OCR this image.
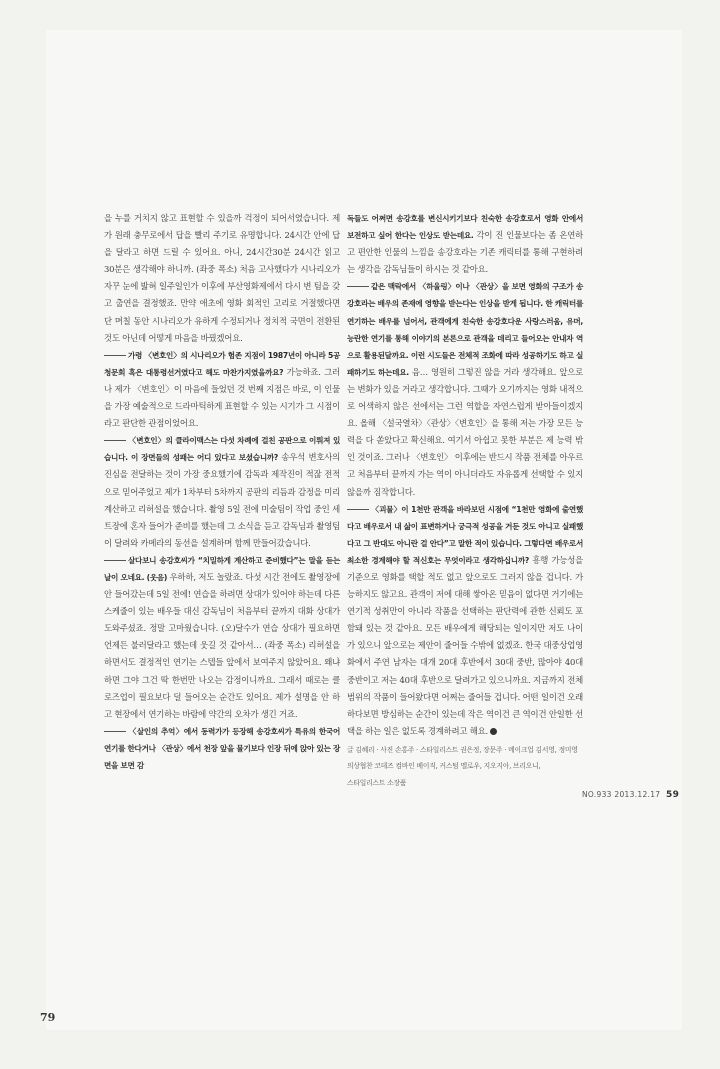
을 누를 거치지 않고 표현할 수 있을까 걱정이 되어서였습니다. 제가 원래 충무로에서 답을 빨리 주기로 유명합니다. 24시간 안에 답을 달라고 하면 드릴 수 있어요. 아니, 24시간30분 24시간 읽고 30분은 생각해야 하니까. (좌중 폭소) 처음 고사했다가 시나리오가 자꾸 눈에 밟혀 일주일인가 이후에 부산영화제에서 다시 변 팀을 갖고 출연을 결정했죠. 만약 애초에 영화 회적인 고리로 거절했다면 단 며칠 동안 시나리오가 유하게 수정되거나 정치적 국면이 전환된 것도 아닌데 어떻게 마음을 바꿨겠어요.

가령 〈변호인〉의 시나리오가 험존 지점이 1987년이 아니라 5공 청문회 혹은 대통령선거였다고 해도 마찬가지였을까요? 가능하죠. 그러나 제가 〈변호인〉이 마음에 들었던 것 번째 지점은 바로, 이 인물을 가장 예술적으로 드라마틱하게 표현할 수 있는 시기가 그 시점이라고 판단한 관점이었어요.

〈변호인〉의 클라이맥스는 다섯 차례에 걸친 공판으로 이뤄져 있습니다. 이 장면들의 성패는 어디 있다고 보셨습니까? 송우석 변호사의 진심을 전달하는 것이 가장 중요했기에 감독과 제작진이 적잖 전적으로 믿어주었고 제가 1차부터 5차까지 공판의 리듬과 감정을 미리 계산하고 리허설을 했습니다. 촬영 5일 전에 미술팀이 작업 중인 세트장에 혼자 들어가 준비를 했는데 그 소식을 듣고 감독님과 촬영팀이 달려와 카메라의 동선을 설계하며 함께 만들어갔습니다.

살다보니 송강호씨가 “치밀하게 계산하고 준비했다”는 말을 듣는 날이 오네요. (웃음) 우하하, 저도 놀랐죠. 다섯 시간 전에도 촬영장에 안 들어갔는데 5일 전에! 연습을 하려면 상대가 있어야 하는데 다른 스케줄이 있는 배우들 대신 감독님이 처음부터 끝까지 대화 상대가 도와주셨죠. 정말 고마웠습니다. (오)달수가 연습 상대가 필요하면 언제든 불러달라고 했는데 웃길 것 같아서… (좌중 폭소) 리허설을 하면서도 결정적인 연기는 스텝들 앞에서 보여주지 않았어요. 왜냐하면 그야 그건 딱 한번만 나오는 감정이니까요. 그래서 때로는 클로즈업이 필요보다 덜 들어오는 순간도 있어요. 제가 설명을 안 하고 현장에서 연기하는 바람에 약간의 오차가 생긴 거죠.

〈살인의 추억〉에서 동력가가 등장해 송강호씨가 특유의 한국어 연기를 한다거나 〈관상〉에서 천장 앞을 물기보다 인장 뒤에 앉아 있는 장면을 보면 감

독들도 어쩌면 송강호를 변신시키기보다 친숙한 송강호로서 영화 안에서 보전하고 싶어 한다는 인상도 받는데요. 각이 진 인물보다는 좀 온연하고 편안한 인물의 느낌을 송강호라는 기존 캐릭터를 통해 구현하려는 생각을 감독님들이 하시는 것 같아요.

같은 맥락에서 〈하울링〉이나 〈관상〉을 보면 영화의 구조가 송강호라는 배우의 존재에 영향을 받는다는 인상을 받게 됩니다. 한 캐릭터를 연기하는 배우를 넘어서, 관객에게 친숙한 송강호다운 사랑스러움, 유머, 능란한 연기를 통해 이야기의 본론으로 관객을 데리고 들어오는 안내자 역으로 활용된달까요. 이런 시도들은 전체적 조화에 따라 성공하기도 하고 실패하기도 하는데요. 음… 영원히 그렇진 않을 거라 생각해요. 앞으로는 변화가 있을 거라고 생각합니다. 그때가 오기까지는 영화 내적으로 어색하지 않은 선에서는 그런 역할을 자연스럽게 받아들이겠지요. 올해 〈설국열차〉〈관상〉〈변호인〉을 통해 저는 가장 모든 능력을 다 쏟았다고 확신해요. 여기서 아쉽고 못한 부분은 제 능력 밖인 것이죠. 그러나 〈변호인〉 이후에는 반드시 작품 전체를 아우르고 처음부터 끝까지 가는 역이 아니더라도 자유롭게 선택할 수 있지 않을까 짐작합니다.

〈괴물〉이 1천만 관객을 바라보던 시점에 “1천만 영화에 출연했다고 배우로서 내 삶이 표변하거나 궁극적 성공을 거둔 것도 아니고 실패했다고 그 반대도 아니란 걸 안다”고 말한 적이 있습니다. 그렇다면 배우로서 최소한 경계해야 할 적신호는 무엇이라고 생각하십니까? 흥행 가능성을 기준으로 영화를 택할 적도 없고 앞으로도 그러지 않을 겁니다. 가능하지도 않고요. 관객이 저에 대해 쌓아온 믿음이 없다면 거기에는 연기적 성취만이 아니라 작품을 선택하는 판단력에 관한 신뢰도 포함돼 있는 것 같아요. 모든 배우에게 해당되는 일이지만 저도 나이가 있으니 앞으로는 제안이 줄어들 수밖에 없겠죠. 한국 대중상업영화에서 주연 남자는 대개 20대 후반에서 30대 중반, 많아야 40대 중반이고 저는 40대 후반으로 달려가고 있으니까요. 지금까지 전체 범위의 작품이 들어왔다면 어쩌는 줄어들 겁니다. 어떤 일이건 오래 하다보면 방심하는 순간이 있는데 작은 역이건 큰 역이건 안일한 선택을 하는 일은 없도록 경계하려고 해요.

글 김혜리 · 사진 손홍주 · 스타일리스트 권은정, 장문주 · 메이크업 김서영, 정미영
의상협찬 코데즈 컴바인 베이직, 커스텀 멜로우, 지오지아, 브리오니,
스타일리스트 소장품
NO.933 2013.12.17 59
79
